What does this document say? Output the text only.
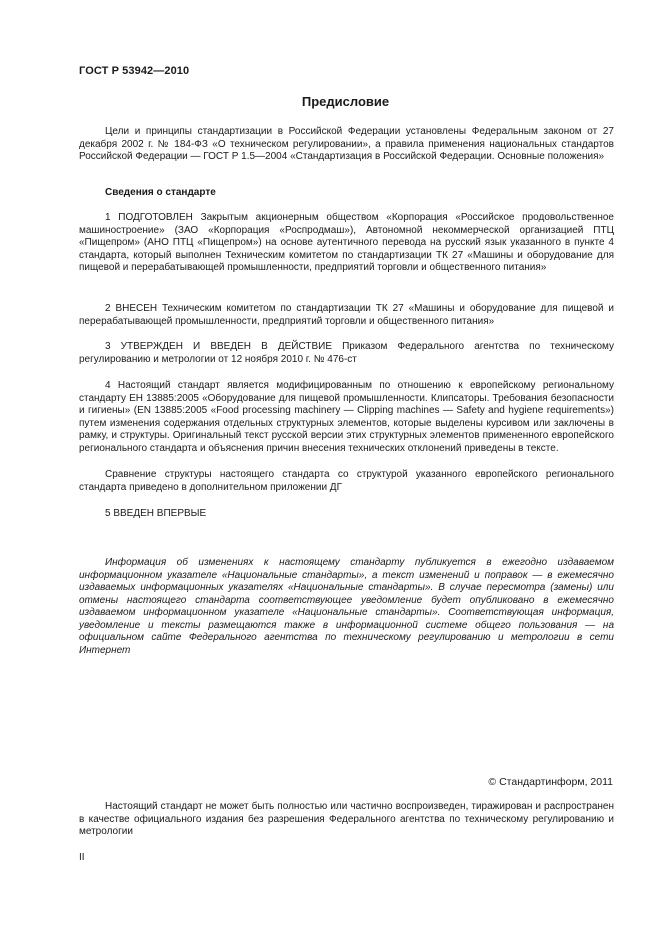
ГОСТ Р 53942—2010
Предисловие

Цели и принципы стандартизации в Российской Федерации установлены Федеральным законом от 27 декабря 2002 г. № 184-ФЗ «О техническом регулировании», а правила применения национальных стандартов Российской Федерации — ГОСТ Р 1.5—2004 «Стандартизация в Российской Федерации. Основные положения»

Сведения о стандарте

1 ПОДГОТОВЛЕН Закрытым акционерным обществом «Корпорация «Российское продовольственное машиностроение» (ЗАО «Корпорация «Роспродмаш»), Автономной некоммерческой организацией ПТЦ «Пищепром» (АНО ПТЦ «Пищепром») на основе аутентичного перевода на русский язык указанного в пункте 4 стандарта, который выполнен Техническим комитетом по стандартизации ТК 27 «Машины и оборудование для пищевой и перерабатывающей промышленности, предприятий торговли и общественного питания»

2 ВНЕСЕН Техническим комитетом по стандартизации ТК 27 «Машины и оборудование для пищевой и перерабатывающей промышленности, предприятий торговли и общественного питания»

3 УТВЕРЖДЕН И ВВЕДЕН В ДЕЙСТВИЕ Приказом Федерального агентства по техническому регулированию и метрологии от 12 ноября 2010 г. № 476-ст

4 Настоящий стандарт является модифицированным по отношению к европейскому региональному стандарту ЕН 13885:2005 «Оборудование для пищевой промышленности. Клипсаторы. Требования безопасности и гигиены» (EN 13885:2005 «Food processing machinery — Clipping machines — Safety and hygiene requirements») путем изменения содержания отдельных структурных элементов, которые выделены курсивом или заключены в рамку, и структуры. Оригинальный текст русской версии этих структурных элементов примененного европейского регионального стандарта и объяснения причин внесения технических отклонений приведены в тексте.

Сравнение структуры настоящего стандарта со структурой указанного европейского регионального стандарта приведено в дополнительном приложении ДГ

5 ВВЕДЕН ВПЕРВЫЕ

Информация об изменениях к настоящему стандарту публикуется в ежегодно издаваемом информационном указателе «Национальные стандарты», а текст изменений и поправок — в ежемесячно издаваемых информационных указателях «Национальные стандарты». В случае пересмотра (замены) или отмены настоящего стандарта соответствующее уведомление будет опубликовано в ежемесячно издаваемом информационном указателе «Национальные стандарты». Соответствующая информация, уведомление и тексты размещаются также в информационной системе общего пользования — на официальном сайте Федерального агентства по техническому регулированию и метрологии в сети Интернет

© Стандартинформ, 2011

Настоящий стандарт не может быть полностью или частично воспроизведен, тиражирован и распространен в качестве официального издания без разрешения Федерального агентства по техническому регулированию и метрологии

II
